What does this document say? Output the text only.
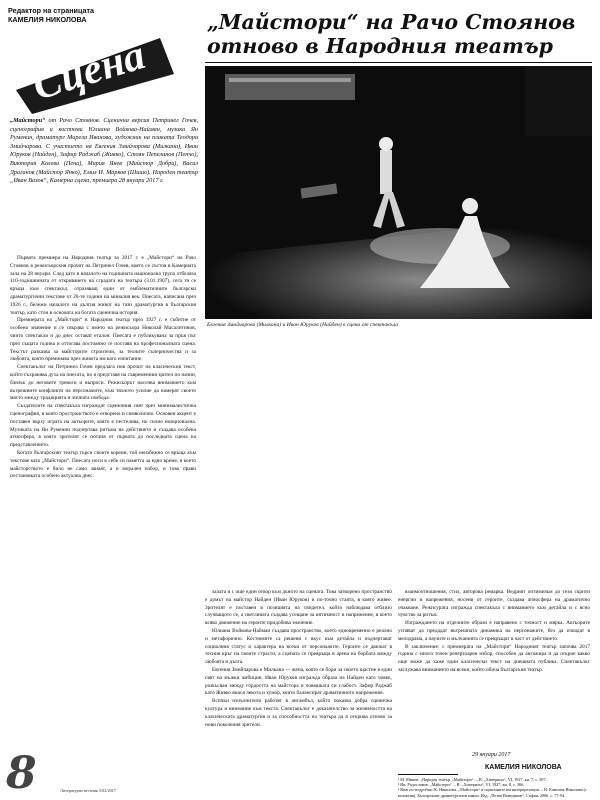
Редактор на страницата
КАМЕЛИЯ НИКОЛОВА
Сцена
„Майстори“ от Рачо Стоянов. Сценична версия Петринел Гочев, сценография и костюми Юлиана Войкова-Найман, музика Ян Руменин, драматург Мирела Иванова, художник на плаката Теодора Змийчарова. С участието на Евгения Змийчарова (Милкана), Иван Юруков (Найден), Зафир Раджаб (Живко), Стоян Пепеланов (Пенчо), Виктория Колева (Пена), Мария Янев (Майстор Добри), Васил Драганов (Майстор Янко), Емил И. Марков (Шишо). Народен театър „Иван Вазов“, Камерна сцена, премиера 28 януари 2017 г.

Първата премиера на Народния театър за 2017 г. е „Майстори“ на Рачо Стоянов в режисьорския прочит на Петринел Гочев, която се състоя в Камерната зала на 28 януари. След като в началото на годишната национална трупа отбеляза 110-годишнината от откриването на сградата на театъра (3.01.1907), сега тя се връща към спектакъл, отразяващ един от емблематичните български драматургични текстове от 20-те години на миналия век. Пиесата, написана през 1926 г., бележи началото на дългия живот на тази драматургия в българския театър, като стои в основата на богата сценична история.

Премиерата на „Майстори“ в Народния театър през 1927 г. е събитие от особено значение и се свързва с името на режисьора Николай Масалитинов, чиито спектакли и до днес остават еталон. Пиесата е публикувана за пръв път през същата година и оттогава постоянно се поставя на професионалната сцена. Текстът разказва за майсторите строители, за техните съперничества и за любовта, която преминава през живота им като изпитание.

Спектакълът на Петринел Гочев предлага нов прочит на класическия текст, който съхранява духа на пиесата, но я представя на съвременния зрител по начин, близък до неговите тревоги и въпроси. Режисьорът насочва вниманието към вътрешните конфликти на персонажите, към тяхното усилие да намерят своето място между традицията и личната свобода.

Създателите на спектакъла изграждат сценичния свят чрез минималистична сценография, в която пространството е отворено и символично. Основен акцент е поставен върху играта на актьорите, която е пестелива, но силно емоционална. Музиката на Ян Руменин подчертава ритъма на действието и създава особена атмосфера, в която зрителят се потапя от първата до последната сцена на представлението.

Когато българският театър търси своите корени, той неизбежно се връща към текстове като „Майстори“. Пиесата носи в себе си паметта за едно време, в което майсторството е било не само занаят, а и морален избор, и това прави постановката особено актуална днес.

„Майстори“ на Рачо Стоянов отново в Народния театър
Евгения Змийчарова (Милкана) и Иван Юруков (Найден) в сцена от спектакъла

залата и с още един отвор към дъното на сцената. Това затворено пространство е домът на майстор Найден (Иван Юруков) и по-точно стаята, в която живее. Зрителят е поставен в позицията на свидетел, който наблюдава отблизо случващото се, а светлината създава усещане за интимност и напрежение, в което всяко движение на героите придобива значение.

Юлиана Войкова-Найман създава пространство, което едновременно е реално и метафорично. Костюмите са решени с вкус към детайла и подчертават социалния статус и характера на всеки от персонажите. Героите се движат в тесния кръг на своите страсти, а сцената се превръща в арена на борбата между любовта и дълга.

Евгения Змийчарова е Милкана — жена, която се бори за своето щастие в един свят на мъжки амбиции. Иван Юруков изгражда образа на Найден като човек, разкъсван между гордостта на майстора и човешката си слабост. Зафир Раджаб като Живко внася лекота и хумор, които балансират драматичното напрежение.

Всички изпълнители работят в ансамбъл, който показва добра сценична култура и внимание към текста. Спектакълът е доказателство за жизнеността на класическата драматургия и за способността на театъра да я открива отново за нови поколения зрители.

взаимоотношения, стил, авторова ремарка. Ведрият оптимизъм до тези скрити енергии и напрежения, носени от героите, създава атмосфера на драматично очакване. Режисурата изгражда спектакъла с вниманието към детайла и с ясно чувство за ритъм.

Изграждането на отделните образи е направено с точност и мярка. Актьорите успяват да предадат вътрешната динамика на персонажите, без да изпадат в мелодрама, а паузите и мълчанията се превръщат в част от действието.

В заключение: с премиерата на „Майстори“ Народният театър започва 2017 година с много точен репертоарен избор, способен да ангажира и да открие какво още може да каже един класически текст на днешната публика. Спектакълът заслужава вниманието на всеки, който обича българския театър.

29 януари 2017
КАМЕЛИЯ НИКОЛОВА
¹ М. Минев. „Народен театър. „Майстори“. – В: „Хиперион“, VI, 1927, кн. 7, с. 307.
² Ив. Радославов. „Майстори“. – В: „Хиперион“, VI, 1927, кн. 8, с. 366.
³ Виж по-подробно: К. Николова. „Майстори“ и сценичните им интерпретации. – В: Камелия Николова (с колектив). Българският драматургичен канон. Изд. „Петко Венедиков“, София, 2006, с. 77-94.
8	Литературен вестник 5/02/2017
